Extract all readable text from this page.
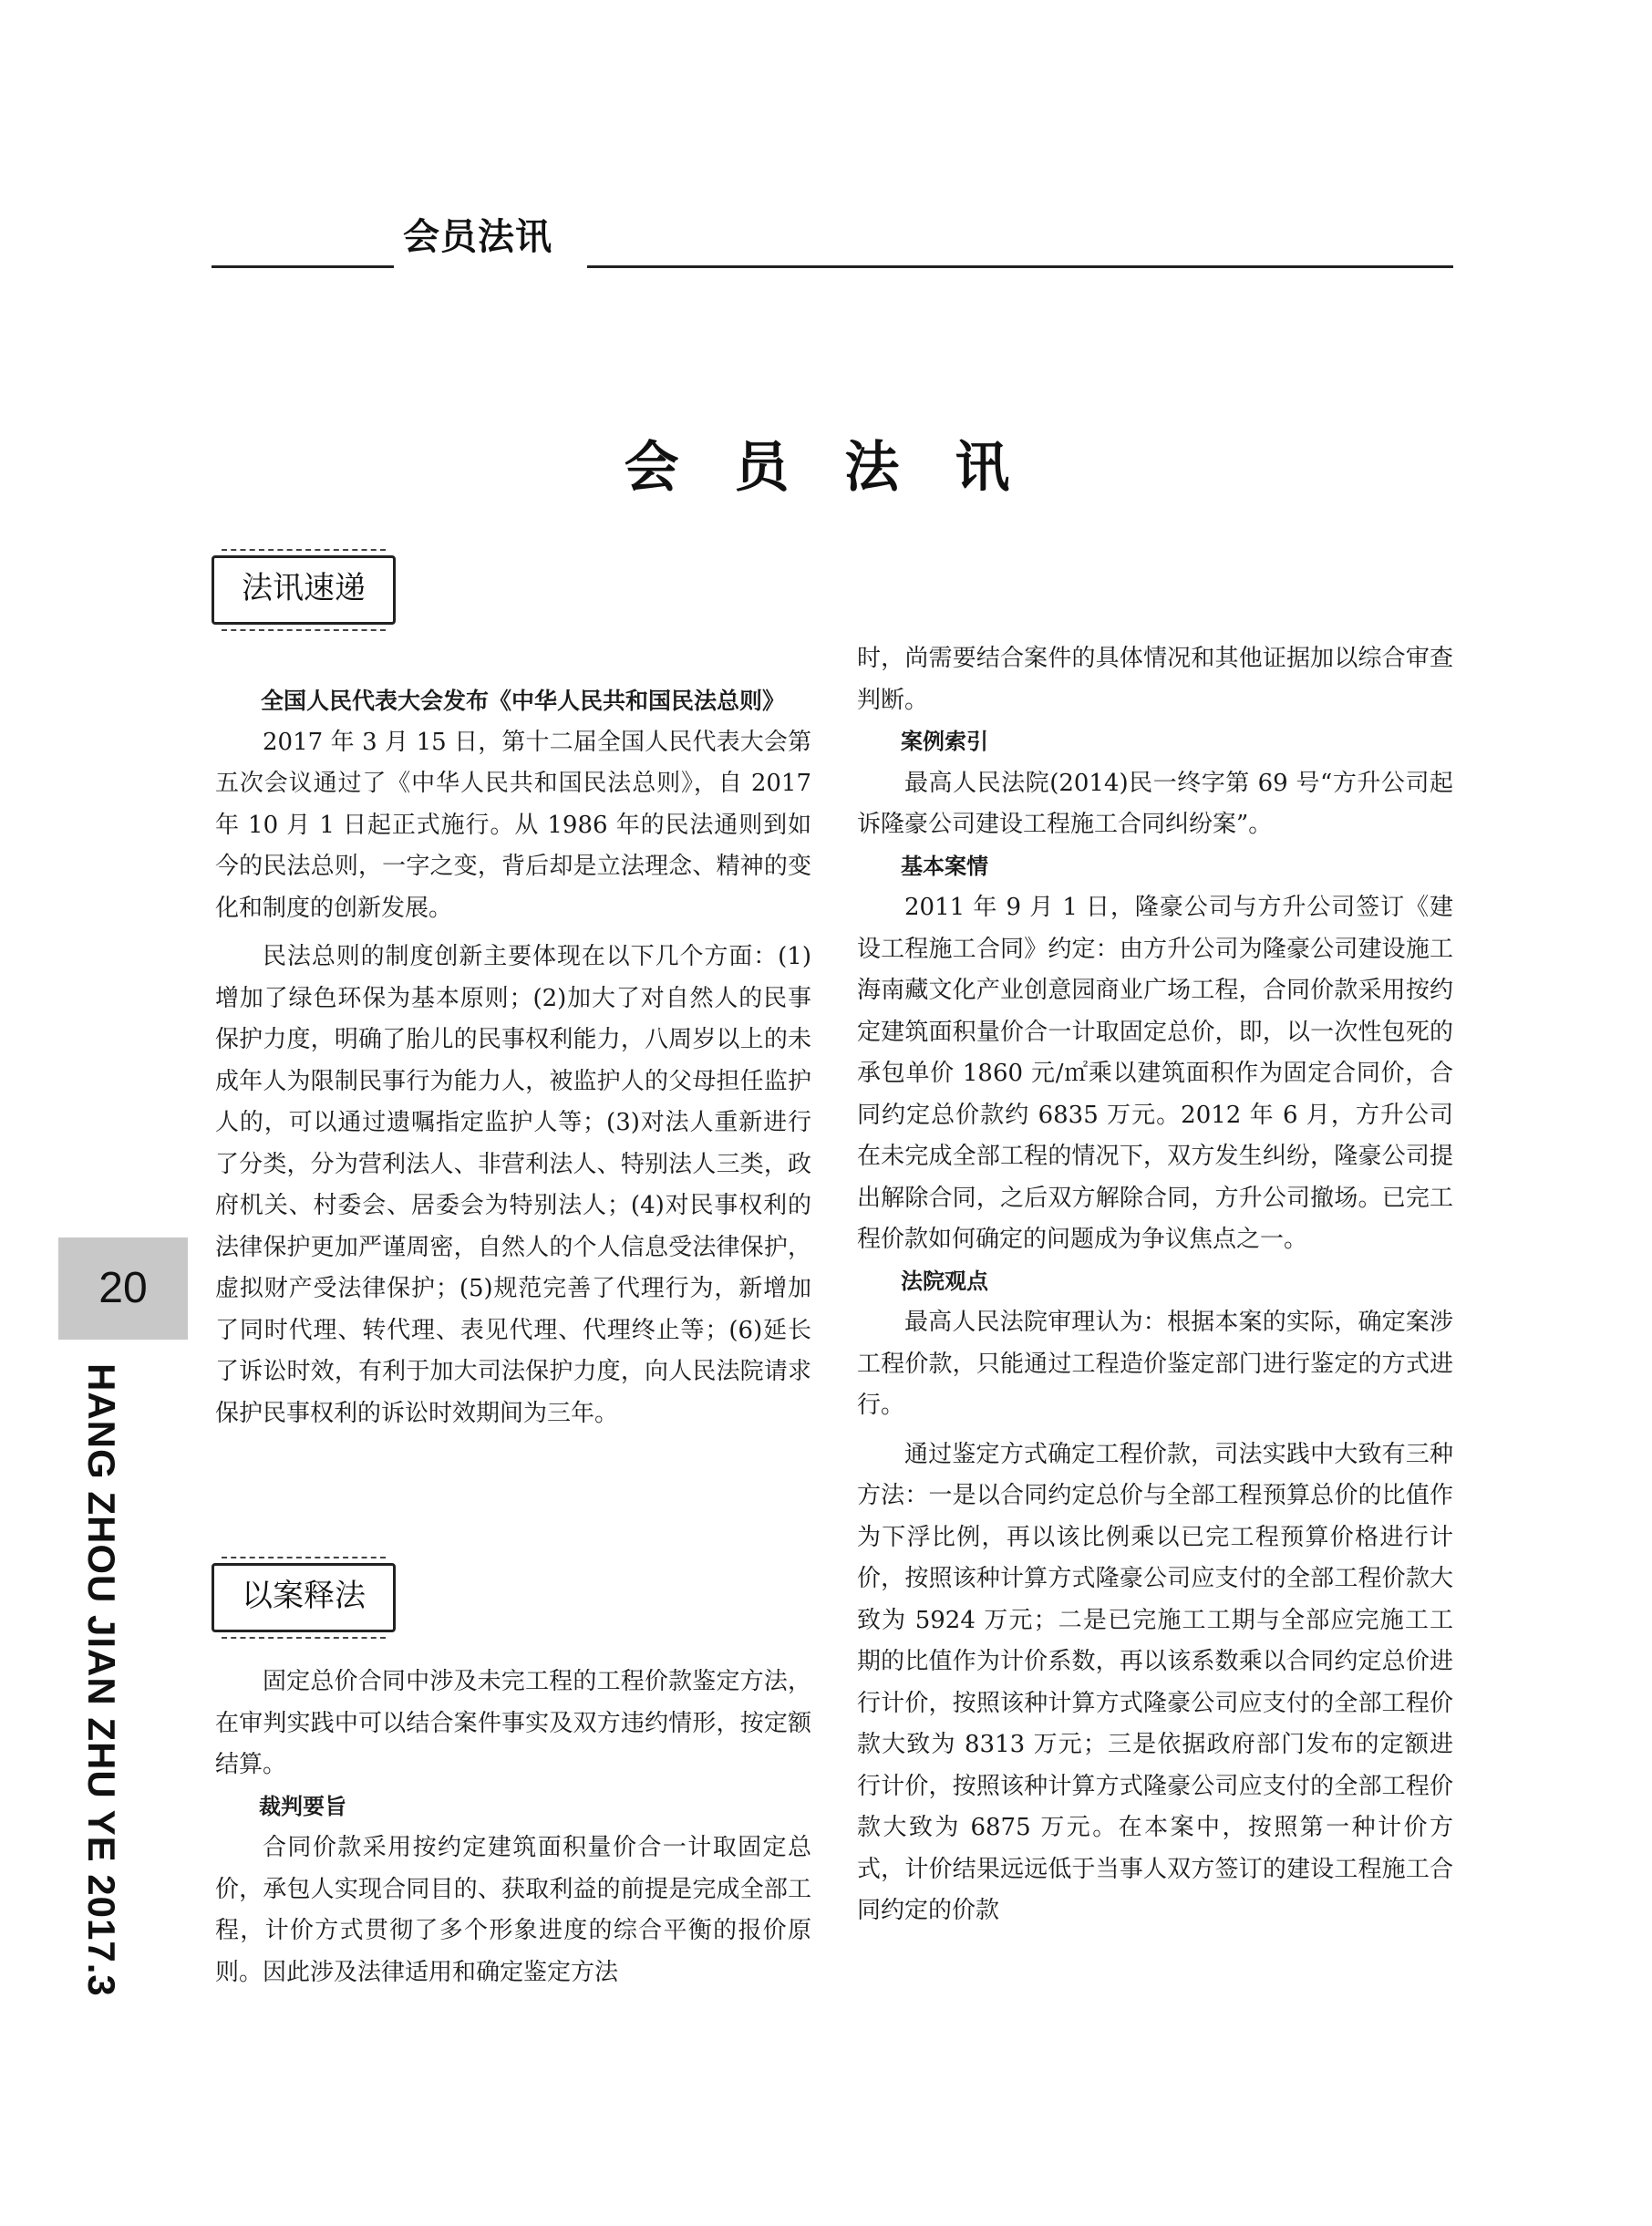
会员法讯
会 员 法 讯
法讯速递
以案释法

全国人民代表大会发布《中华人民共和国民法总则》

2017 年 3 月 15 日，第十二届全国人民代表大会第五次会议通过了《中华人民共和国民法总则》，自 2017 年 10 月 1 日起正式施行。从 1986 年的民法通则到如今的民法总则，一字之变，背后却是立法理念、精神的变化和制度的创新发展。

民法总则的制度创新主要体现在以下几个方面：(1)增加了绿色环保为基本原则；(2)加大了对自然人的民事保护力度，明确了胎儿的民事权利能力，八周岁以上的未成年人为限制民事行为能力人，被监护人的父母担任监护人的，可以通过遗嘱指定监护人等；(3)对法人重新进行了分类，分为营利法人、非营利法人、特别法人三类，政府机关、村委会、居委会为特别法人；(4)对民事权利的法律保护更加严谨周密，自然人的个人信息受法律保护，虚拟财产受法律保护；(5)规范完善了代理行为，新增加了同时代理、转代理、表见代理、代理终止等；(6)延长了诉讼时效，有利于加大司法保护力度，向人民法院请求保护民事权利的诉讼时效期间为三年。

固定总价合同中涉及未完工程的工程价款鉴定方法，在审判实践中可以结合案件事实及双方违约情形，按定额结算。

裁判要旨

合同价款采用按约定建筑面积量价合一计取固定总价，承包人实现合同目的、获取利益的前提是完成全部工程，计价方式贯彻了多个形象进度的综合平衡的报价原则。因此涉及法律适用和确定鉴定方法

时，尚需要结合案件的具体情况和其他证据加以综合审查判断。

案例索引

最高人民法院(2014)民一终字第 69 号“方升公司起诉隆豪公司建设工程施工合同纠纷案”。

基本案情

2011 年 9 月 1 日，隆豪公司与方升公司签订《建设工程施工合同》约定：由方升公司为隆豪公司建设施工海南藏文化产业创意园商业广场工程，合同价款采用按约定建筑面积量价合一计取固定总价，即，以一次性包死的承包单价 1860 元/㎡乘以建筑面积作为固定合同价，合同约定总价款约 6835 万元。2012 年 6 月，方升公司在未完成全部工程的情况下，双方发生纠纷，隆豪公司提出解除合同，之后双方解除合同，方升公司撤场。已完工程价款如何确定的问题成为争议焦点之一。

法院观点

最高人民法院审理认为：根据本案的实际，确定案涉工程价款，只能通过工程造价鉴定部门进行鉴定的方式进行。

通过鉴定方式确定工程价款，司法实践中大致有三种方法：一是以合同约定总价与全部工程预算总价的比值作为下浮比例，再以该比例乘以已完工程预算价格进行计价，按照该种计算方式隆豪公司应支付的全部工程价款大致为 5924 万元；二是已完施工工期与全部应完施工工期的比值作为计价系数，再以该系数乘以合同约定总价进行计价，按照该种计算方式隆豪公司应支付的全部工程价款大致为 8313 万元；三是依据政府部门发布的定额进行计价，按照该种计算方式隆豪公司应支付的全部工程价款大致为 6875 万元。在本案中，按照第一种计价方式，计价结果远远低于当事人双方签订的建设工程施工合同约定的价款

20
HANG ZHOU JIAN ZHU YE 2017.3
